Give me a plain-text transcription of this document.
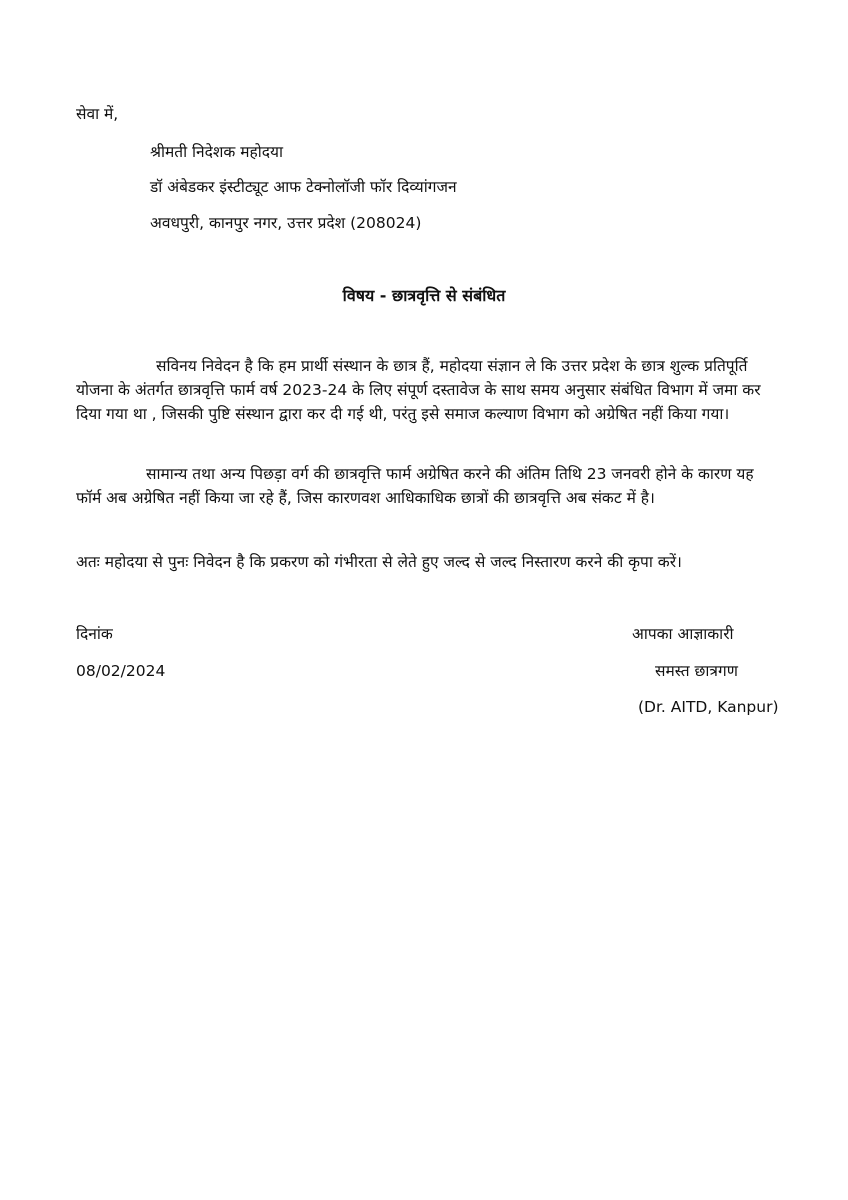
सेवा में,
श्रीमती निदेशक महोदया
डॉ अंबेडकर इंस्टीट्यूट आफ टेक्नोलॉजी फॉर दिव्यांगजन
अवधपुरी, कानपुर नगर, उत्तर प्रदेश (208024)
विषय - छात्रवृत्ति से संबंधित
सविनय निवेदन है कि हम प्रार्थी संस्थान के छात्र हैं, महोदया संज्ञान ले कि उत्तर प्रदेश के छात्र शुल्क प्रतिपूर्ति योजना के अंतर्गत छात्रवृत्ति फार्म वर्ष 2023-24 के लिए संपूर्ण दस्तावेज के साथ समय अनुसार संबंधित विभाग में जमा कर दिया गया था , जिसकी पुष्टि संस्थान द्वारा कर दी गई थी, परंतु इसे समाज कल्याण विभाग को अग्रेषित नहीं किया गया।
सामान्य तथा अन्य पिछड़ा वर्ग की छात्रवृत्ति फार्म अग्रेषित करने की अंतिम तिथि 23 जनवरी होने के कारण यह फॉर्म अब अग्रेषित नहीं किया जा रहे हैं, जिस कारणवश आधिकाधिक छात्रों की छात्रवृत्ति अब संकट में है।
अतः महोदया से पुनः निवेदन है कि प्रकरण को गंभीरता से लेते हुए जल्द से जल्द निस्तारण करने की कृपा करें।
दिनांक
08/02/2024
आपका आज्ञाकारी
समस्त छात्रगण
(Dr. AITD, Kanpur)
